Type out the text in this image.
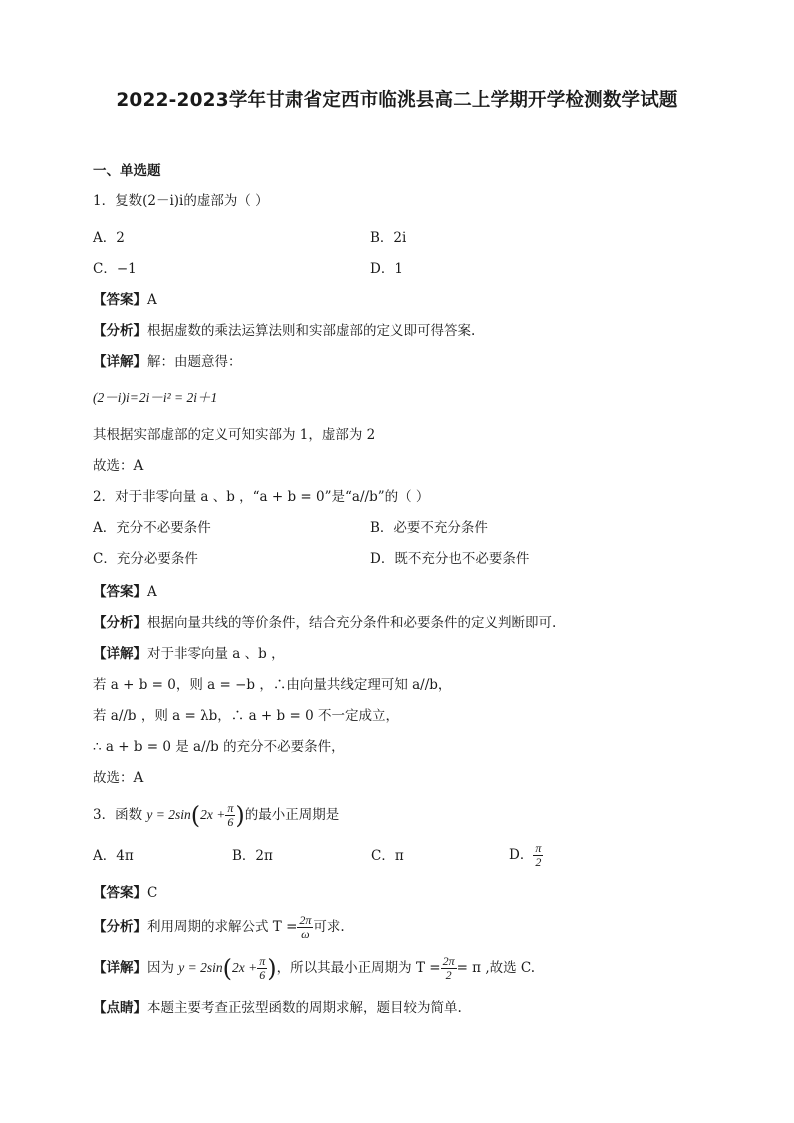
2022-2023学年甘肃省定西市临洮县高二上学期开学检测数学试题
一、单选题
1．复数(2－i)i的虚部为（ ）
A．2	B．2i
C．−1	D．1
【答案】A
【分析】根据虚数的乘法运算法则和实部虚部的定义即可得答案.
【详解】解：由题意得：
(2－i)i=2i－i² = 2i＋1
其根据实部虚部的定义可知实部为 1，虚部为 2
故选：A
2．对于非零向量 a 、b ，“a + b = 0”是“a//b”的（ ）
A．充分不必要条件	B．必要不充分条件
C．充分必要条件	D．既不充分也不必要条件
【答案】A
【分析】根据向量共线的等价条件，结合充分条件和必要条件的定义判断即可.
【详解】对于非零向量 a 、b ，
若 a + b = 0，则 a = −b ，∴由向量共线定理可知 a//b，
若 a//b ，则 a = λb，∴ a + b = 0 不一定成立，
∴ a + b = 0 是 a//b 的充分不必要条件，
故选：A
3．函数 $y = 2\sin(2x + \frac{\pi}{6}$ )的最小正周期是
A．4π	B．2π	C．π	D． $\frac{\pi}{2}$
【答案】C
【分析】利用周期的求解公式 $T = \frac{2\pi}{\omega}$ 可求.
【详解】因为 $y = 2\sin(2x + \frac{\pi}{6}$ )，所以其最小正周期为 $T = \frac{2\pi}{2} = \pi$ ,故选 C.
【点睛】本题主要考查正弦型函数的周期求解，题目较为简单.
